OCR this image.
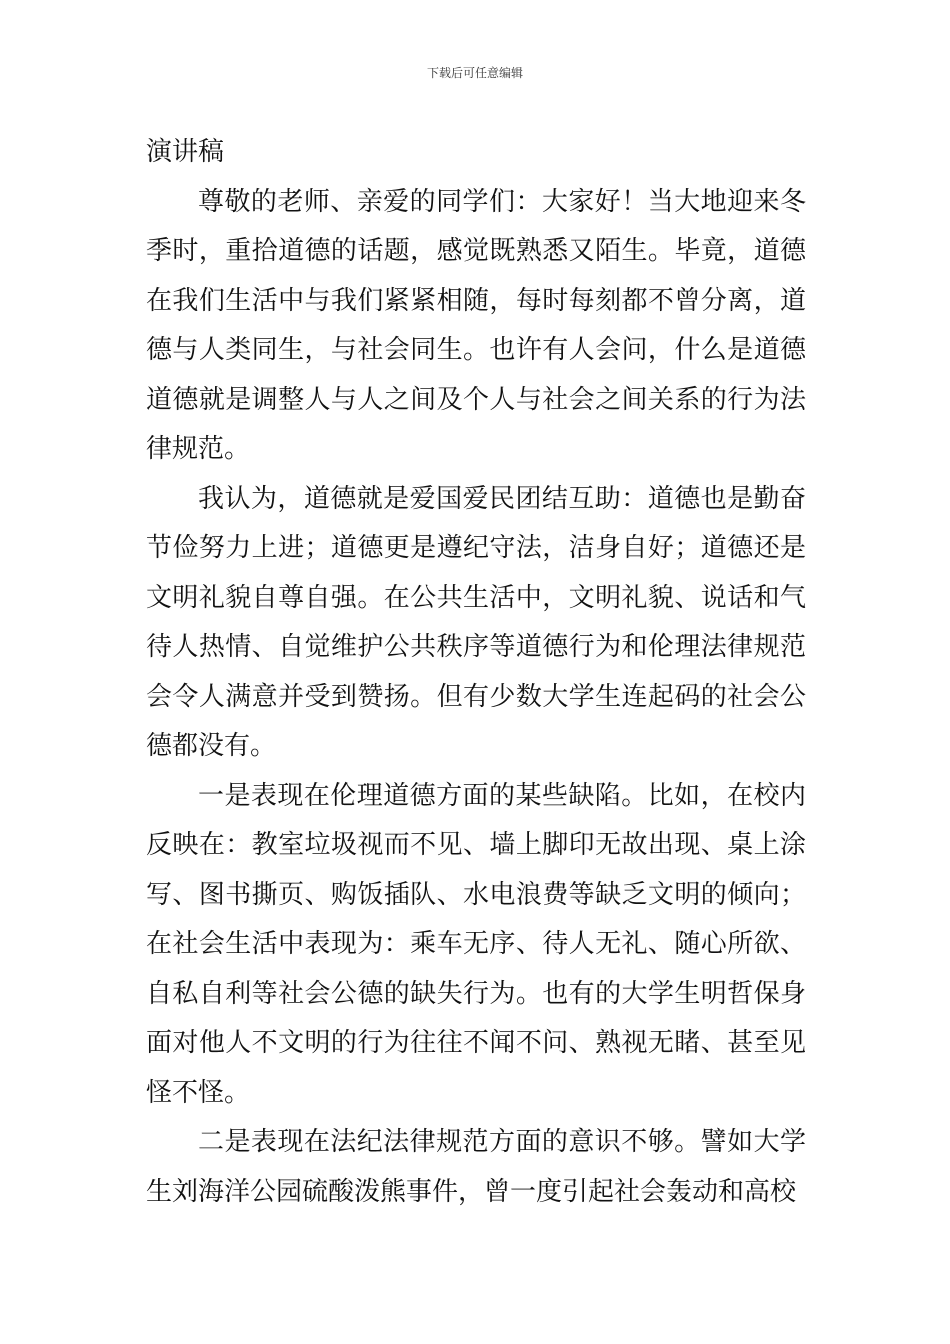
下载后可任意编辑
演讲稿

尊敬的老师、亲爱的同学们：大家好！当大地迎来冬季时，重拾道德的话题，感觉既熟悉又陌生。毕竟，道德在我们生活中与我们紧紧相随，每时每刻都不曾分离，道德与人类同生，与社会同生。也许有人会问，什么是道德道德就是调整人与人之间及个人与社会之间关系的行为法律规范。

我认为，道德就是爱国爱民团结互助：道德也是勤奋节俭努力上进；道德更是遵纪守法，洁身自好；道德还是文明礼貌自尊自强。在公共生活中，文明礼貌、说话和气待人热情、自觉维护公共秩序等道德行为和伦理法律规范会令人满意并受到赞扬。但有少数大学生连起码的社会公德都没有。

一是表现在伦理道德方面的某些缺陷。比如，在校内反映在：教室垃圾视而不见、墙上脚印无故出现、桌上涂写、图书撕页、购饭插队、水电浪费等缺乏文明的倾向；在社会生活中表现为：乘车无序、待人无礼、随心所欲、自私自利等社会公德的缺失行为。也有的大学生明哲保身面对他人不文明的行为往往不闻不问、熟视无睹、甚至见怪不怪。

二是表现在法纪法律规范方面的意识不够。譬如大学生刘海洋公园硫酸泼熊事件，曾一度引起社会轰动和高校
